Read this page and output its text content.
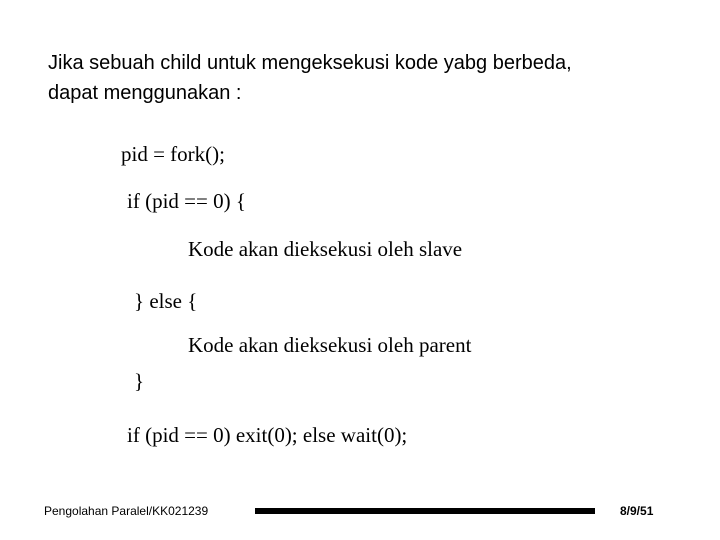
Jika sebuah child untuk mengeksekusi kode yabg berbeda,
dapat menggunakan :

pid = fork();
if (pid == 0) {
Kode akan dieksekusi oleh slave
} else {
Kode akan dieksekusi oleh parent
}
if (pid == 0) exit(0); else wait(0);
Pengolahan Paralel/KK021239	8/9/51
